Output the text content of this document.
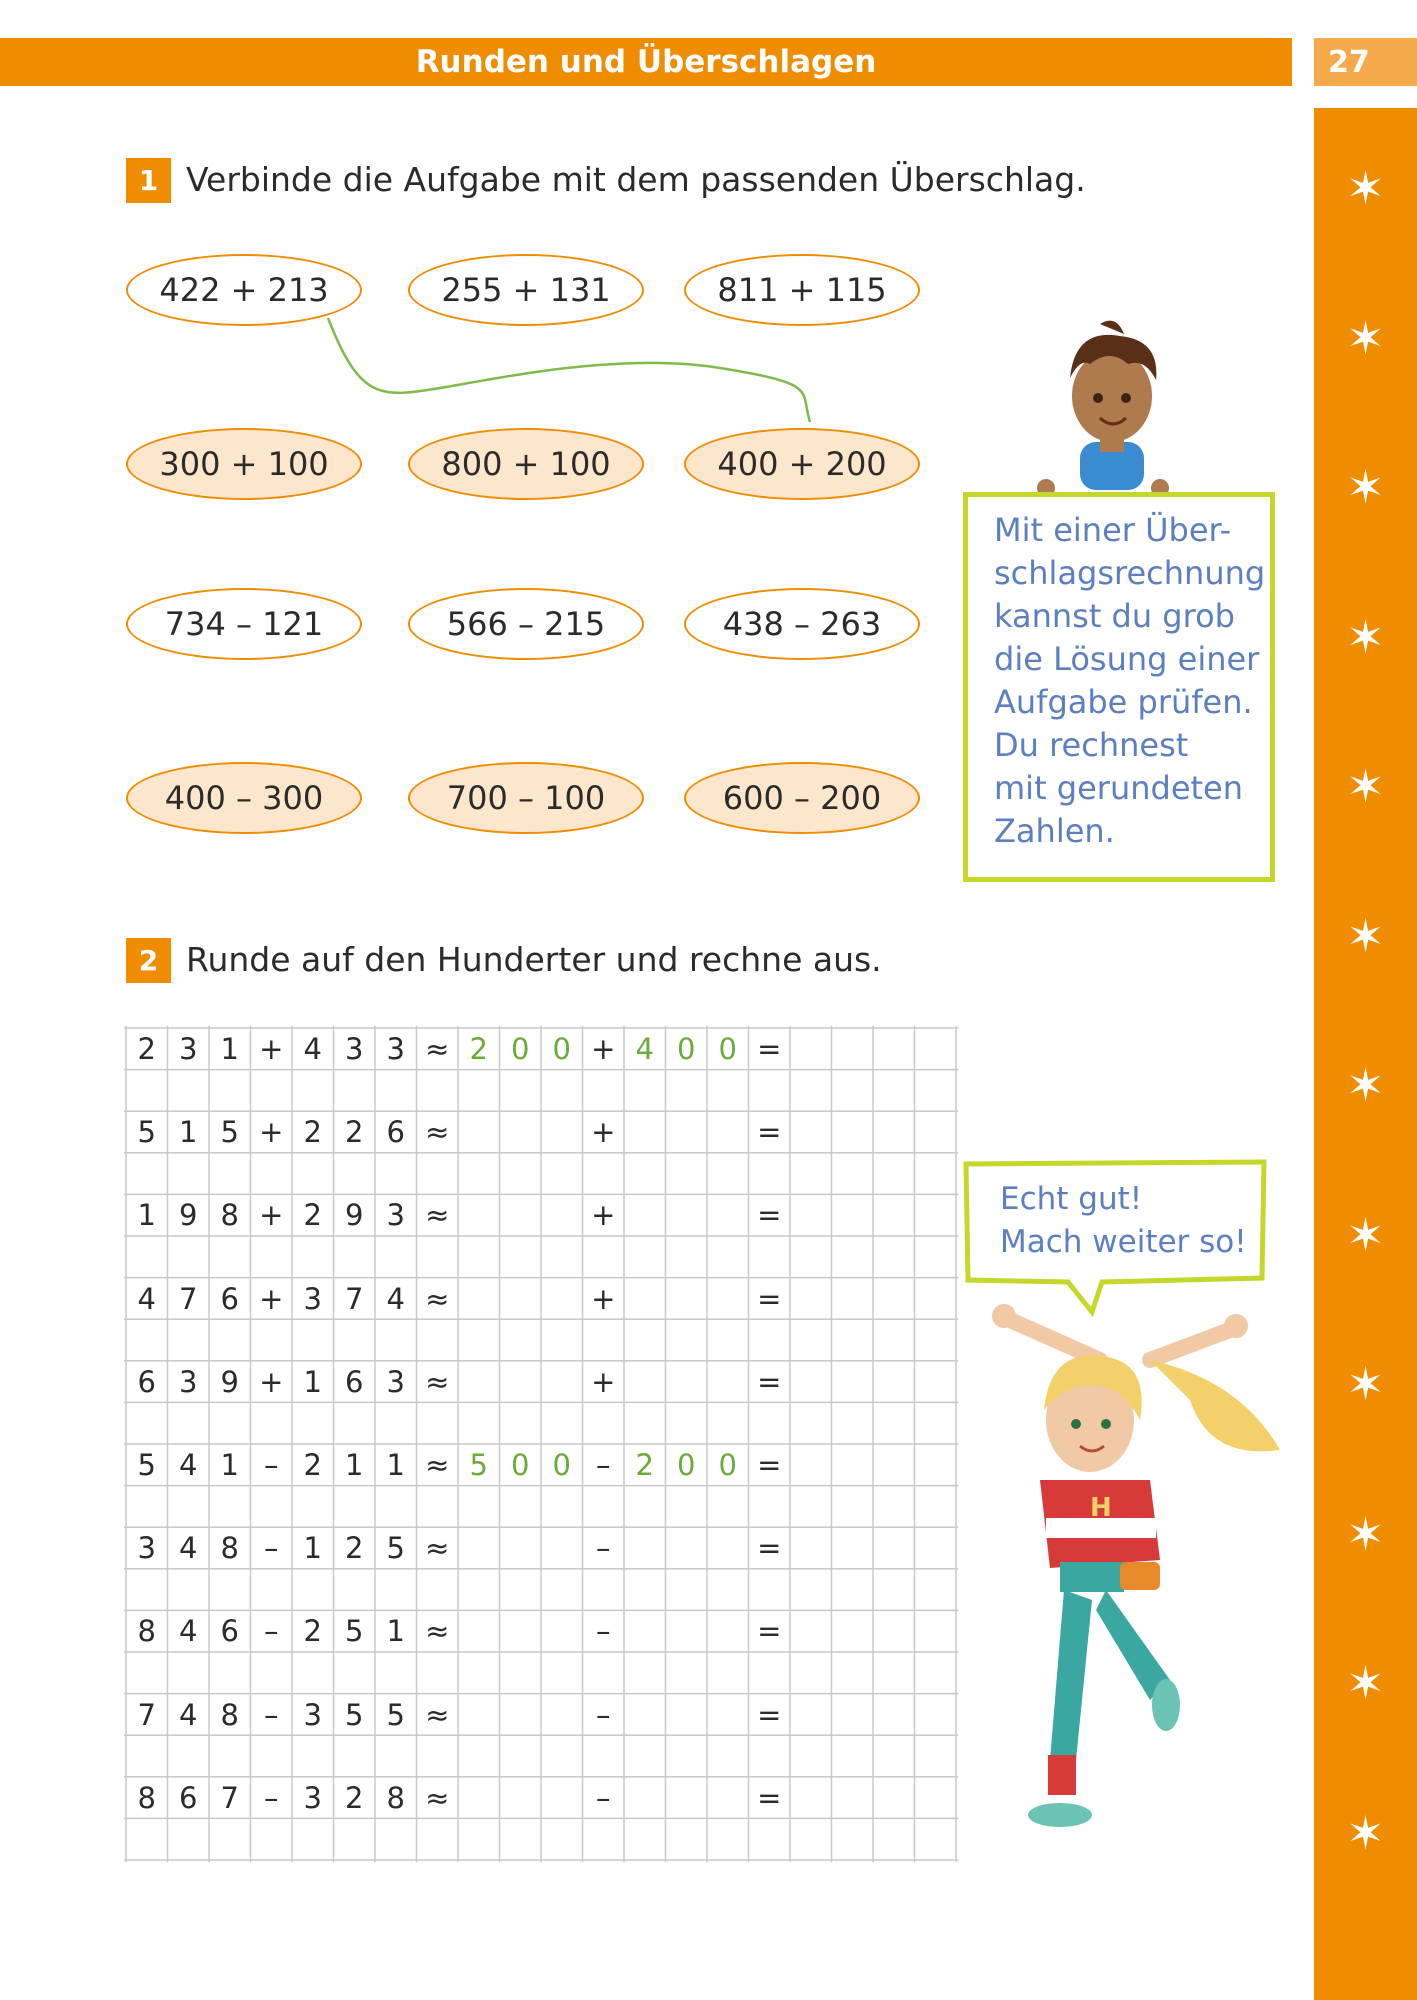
Runden und Überschlagen	27
✶
✶
✶
✶
✶
✶
✶
✶
✶
✶
✶
✶
1 Verbinde die Aufgabe mit dem passenden Überschlag.
422 + 213	255 + 131	811 + 115
300 + 100	800 + 100	400 + 200
734 – 121	566 – 215	438 – 263
400 – 300	700 – 100	600 – 200
Mit einer Über-
schlagsrechnung
kannst du grob
die Lösung einer
Aufgabe prüfen.
Du rechnest
mit gerundeten
Zahlen.
2 Runde auf den Hunderter und rechne aus.
2 3 1 + 4 3 3 ≈ 2 0 0 + 4 0 0 =
5 1 5 + 2 2 6 ≈	+	=
1 9 8 + 2 9 3 ≈	+	=
4 7 6 + 3 7 4 ≈	+	=
6 3 9 + 1 6 3 ≈	+	=
5 4 1 – 2 1 1 ≈ 5 0 0 – 2 0 0 =
3 4 8 – 1 2 5 ≈	–	=
8 4 6 – 2 5 1 ≈	–	=
7 4 8 – 3 5 5 ≈	–	=
8 6 7 – 3 2 8 ≈	–	=
Echt gut!
Mach weiter so!
H
